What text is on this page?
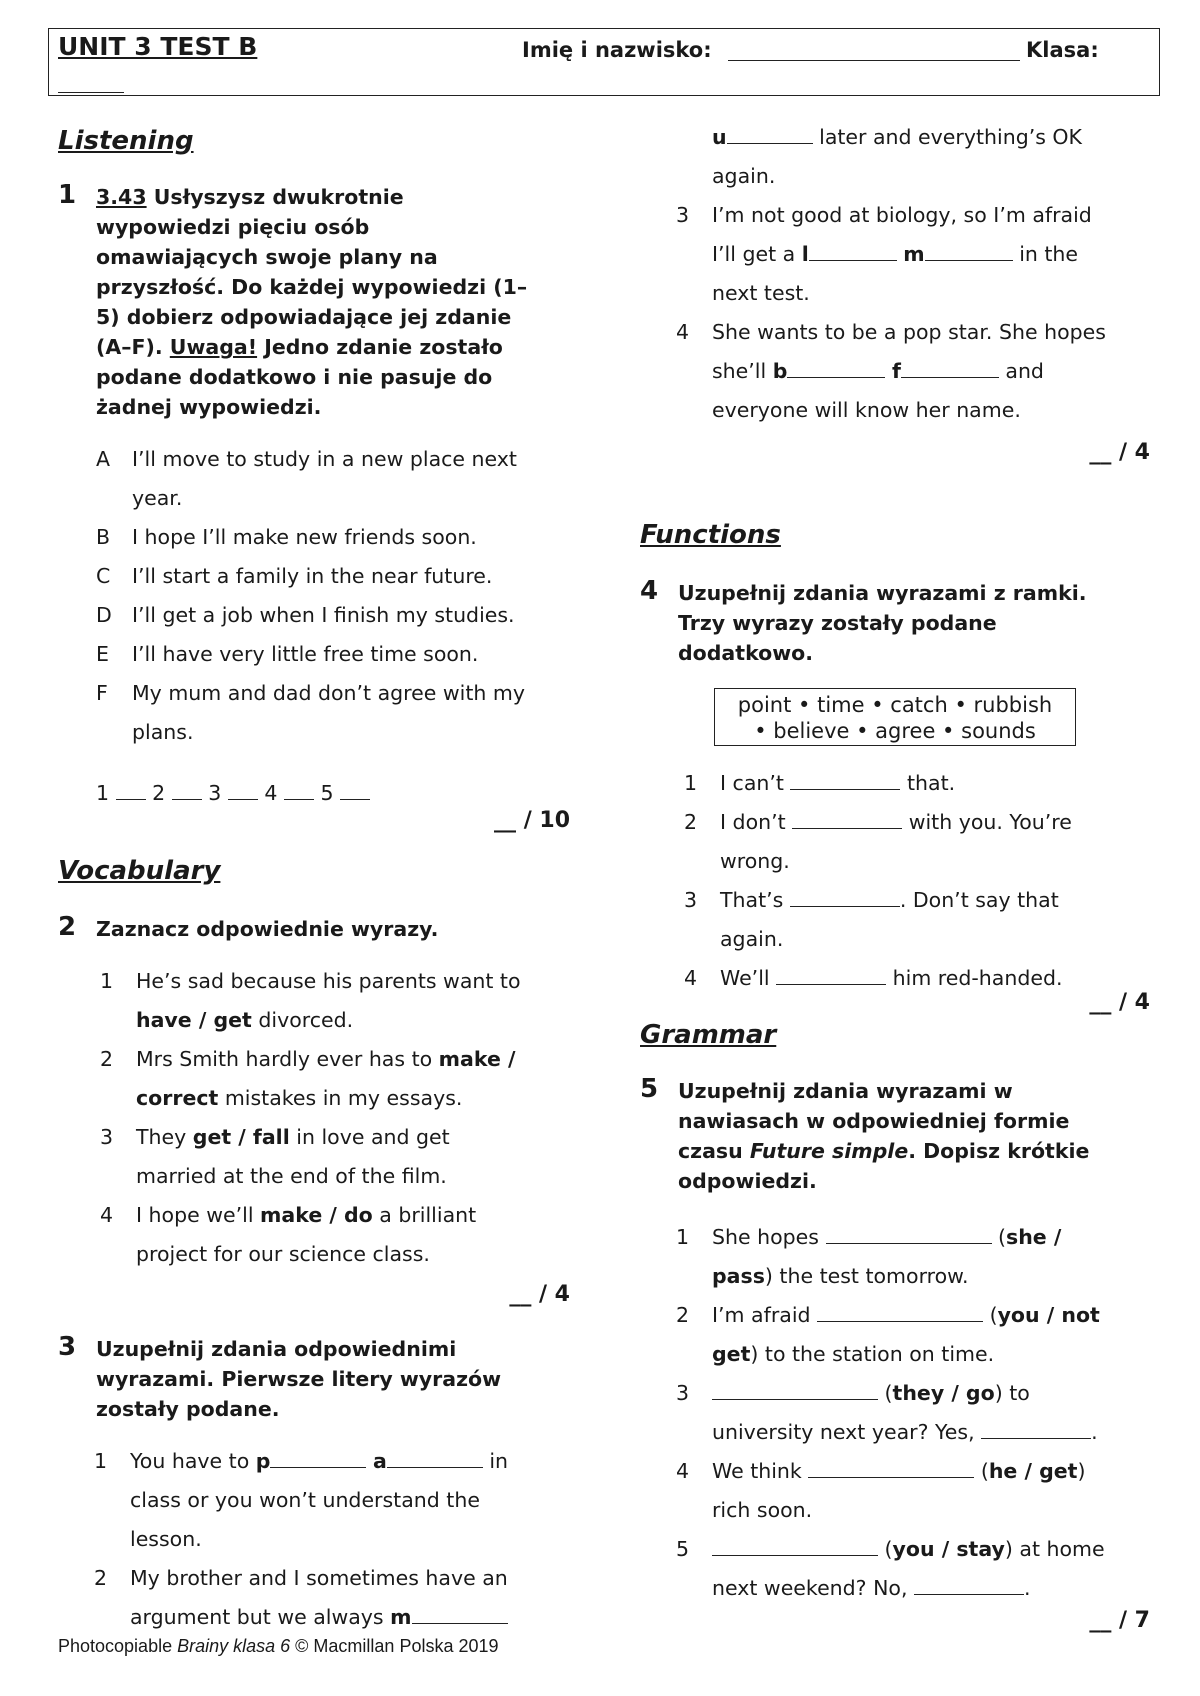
UNIT 3 TEST B	Imię i nazwisko:	Klasa:
Listening
1 3.43 Usłyszysz dwukrotnie
wypowiedzi pięciu osób
omawiających swoje plany na
przyszłość. Do każdej wypowiedzi (1–
5) dobierz odpowiadające jej zdanie
(A–F). Uwaga! Jedno zdanie zostało
podane dodatkowo i nie pasuje do
żadnej wypowiedzi.
A	I’ll move to study in a new place next
year.
B	I hope I’ll make new friends soon.
C	I’ll start a family in the near future.
D I’ll get a job when I finish my studies.
E	I’ll have very little free time soon.
F	My mum and dad don’t agree with my
plans.
1 2 3 4 5
__ / 10
Vocabulary
2 Zaznacz odpowiednie wyrazy.
1	He’s sad because his parents want to
have / get divorced.
2	Mrs Smith hardly ever has to make /
correct mistakes in my essays.
3	They get / fall in love and get
married at the end of the film.
4	I hope we’ll make / do a brilliant
project for our science class.
__ / 4
3 Uzupełnij zdania odpowiednimi
wyrazami. Pierwsze litery wyrazów
zostały podane.
1	You have to p	a	in
class or you won’t understand the
lesson.
2	My brother and I sometimes have an
argument but we always m
u	later and everything’s OK
again.
3	I’m not good at biology, so I’m afraid
I’ll get a l	m	in the
next test.
4	She wants to be a pop star. She hopes
she’ll b	f	and
everyone will know her name.
__ / 4
Functions
4 Uzupełnij zdania wyrazami z ramki.
Trzy wyrazy zostały podane
dodatkowo.
point • time • catch • rubbish
• believe • agree • sounds
1	I can’t	that.
2	I don’t	with you. You’re
wrong.
3	That’s	. Don’t say that
again.
4	We’ll	him red-handed.
__ / 4
Grammar
5 Uzupełnij zdania wyrazami w
nawiasach w odpowiedniej formie
czasu Future simple. Dopisz krótkie
odpowiedzi.
1	She hopes	(she /
pass) the test tomorrow.
2	I’m afraid	(you / not
get) to the station on time.
3	(they / go) to
university next year? Yes,	.
4	We think	(he / get)
rich soon.
5	(you / stay) at home
next weekend? No,	.
__ / 7
Photocopiable Brainy klasa 6 © Macmillan Polska 2019
